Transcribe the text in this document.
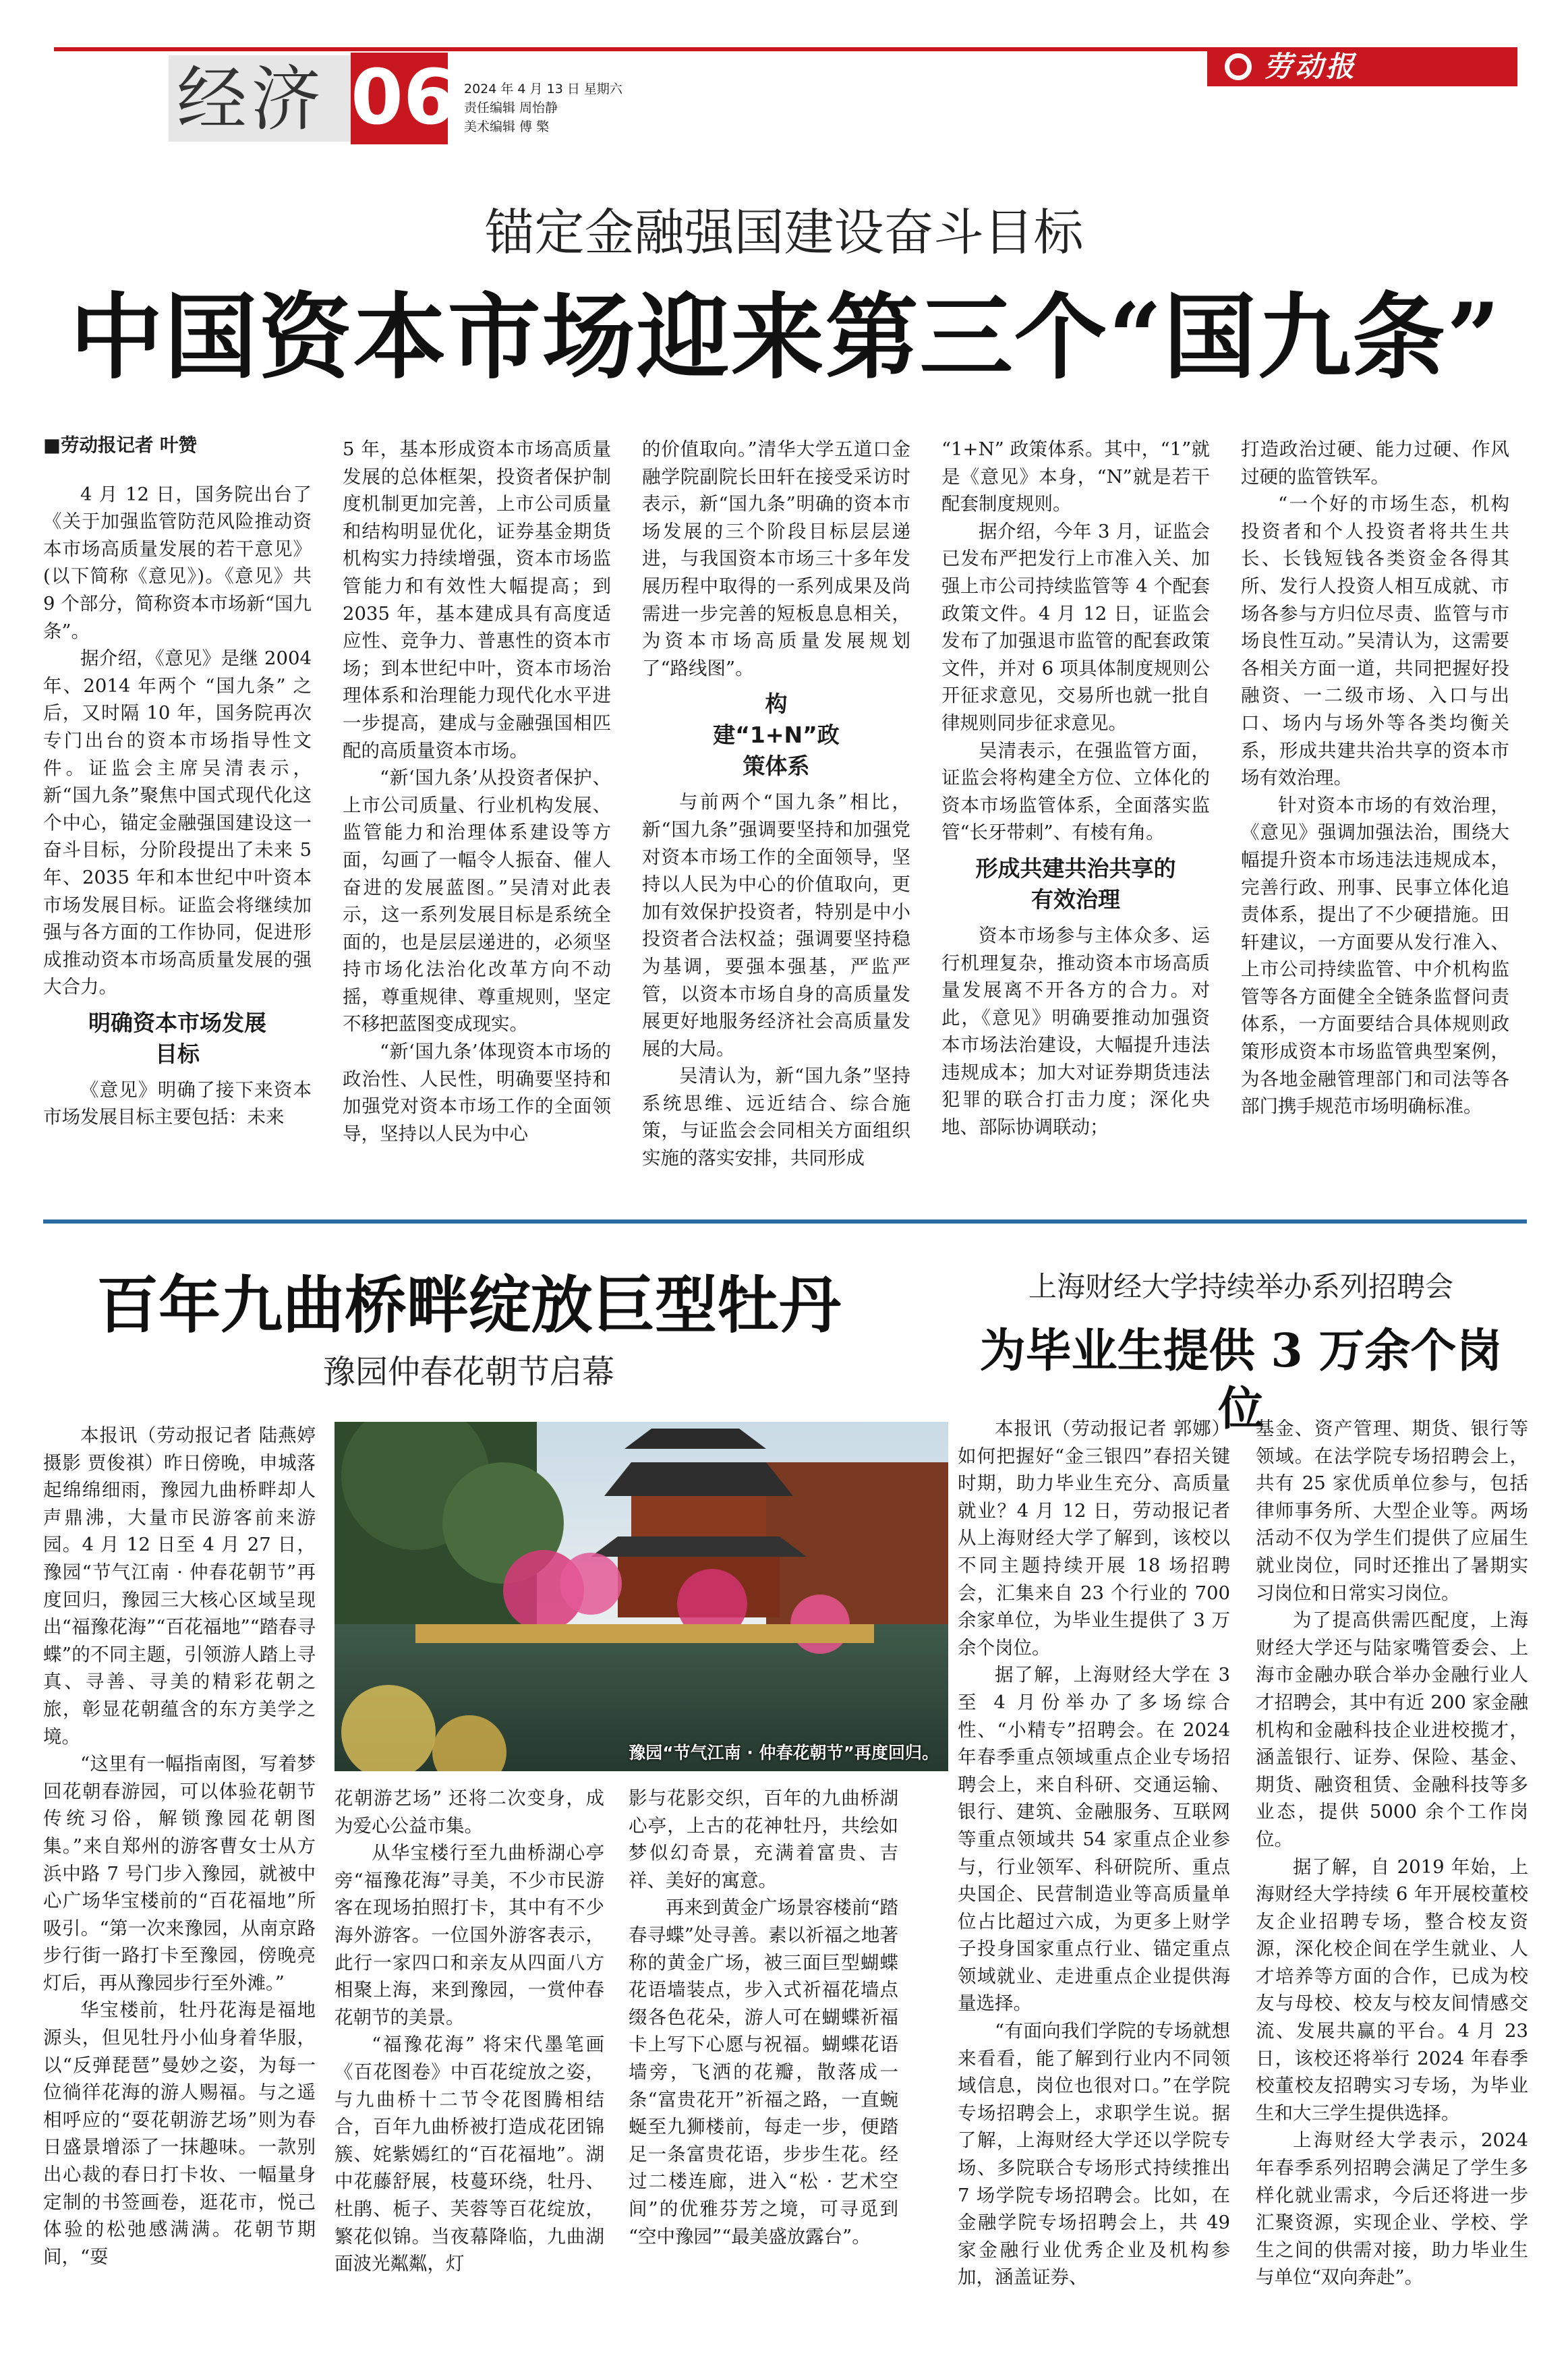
经济 06 2024 年 4 月 13 日 星期六
责任编辑 周怡静
美术编辑 傅 檠
劳动报
锚定金融强国建设奋斗目标
中国资本市场迎来第三个“国九条”

■劳动报记者 叶赞

4 月 12 日，国务院出台了《关于加强监管防范风险推动资本市场高质量发展的若干意见》(以下简称《意见》)。《意见》共 9 个部分，简称资本市场新“国九条”。

据介绍，《意见》是继 2004 年、2014 年两个 “国九条” 之后，又时隔 10 年，国务院再次专门出台的资本市场指导性文件。证监会主席吴清表示，新“国九条”聚焦中国式现代化这个中心，锚定金融强国建设这一奋斗目标，分阶段提出了未来 5 年、2035 年和本世纪中叶资本市场发展目标。证监会将继续加强与各方面的工作协同，促进形成推动资本市场高质量发展的强大合力。

明确资本市场发展目标

《意见》明确了接下来资本市场发展目标主要包括：未来

5 年，基本形成资本市场高质量发展的总体框架，投资者保护制度机制更加完善，上市公司质量和结构明显优化，证券基金期货机构实力持续增强，资本市场监管能力和有效性大幅提高；到 2035 年，基本建成具有高度适应性、竞争力、普惠性的资本市场；到本世纪中叶，资本市场治理体系和治理能力现代化水平进一步提高，建成与金融强国相匹配的高质量资本市场。

“新‘国九条’从投资者保护、上市公司质量、行业机构发展、监管能力和治理体系建设等方面，勾画了一幅令人振奋、催人奋进的发展蓝图。”吴清对此表示，这一系列发展目标是系统全面的，也是层层递进的，必须坚持市场化法治化改革方向不动摇，尊重规律、尊重规则，坚定不移把蓝图变成现实。

“新‘国九条’体现资本市场的政治性、人民性，明确要坚持和加强党对资本市场工作的全面领导，坚持以人民为中心

的价值取向。”清华大学五道口金融学院副院长田轩在接受采访时表示，新“国九条”明确的资本市场发展的三个阶段目标层层递进，与我国资本市场三十多年发展历程中取得的一系列成果及尚需进一步完善的短板息息相关，为资本市场高质量发展规划了“路线图”。

构建“1+N”政策体系

与前两个“国九条”相比，新“国九条”强调要坚持和加强党对资本市场工作的全面领导，坚持以人民为中心的价值取向，更加有效保护投资者，特别是中小投资者合法权益；强调要坚持稳为基调，要强本强基，严监严管，以资本市场自身的高质量发展更好地服务经济社会高质量发展的大局。

吴清认为，新“国九条”坚持系统思维、远近结合、综合施策，与证监会会同相关方面组织实施的落实安排，共同形成

“1+N” 政策体系。其中，“1”就是《意见》本身，“N”就是若干配套制度规则。

据介绍，今年 3 月，证监会已发布严把发行上市准入关、加强上市公司持续监管等 4 个配套政策文件。4 月 12 日，证监会发布了加强退市监管的配套政策文件，并对 6 项具体制度规则公开征求意见，交易所也就一批自律规则同步征求意见。

吴清表示，在强监管方面，证监会将构建全方位、立体化的资本市场监管体系，全面落实监管“长牙带刺”、有棱有角。

形成共建共治共享的有效治理

资本市场参与主体众多、运行机理复杂，推动资本市场高质量发展离不开各方的合力。对此，《意见》明确要推动加强资本市场法治建设，大幅提升违法违规成本；加大对证券期货违法犯罪的联合打击力度；深化央地、部际协调联动；

打造政治过硬、能力过硬、作风过硬的监管铁军。

“一个好的市场生态，机构投资者和个人投资者将共生共长、长钱短钱各类资金各得其所、发行人投资人相互成就、市场各参与方归位尽责、监管与市场良性互动。”吴清认为，这需要各相关方面一道，共同把握好投融资、一二级市场、入口与出口、场内与场外等各类均衡关系，形成共建共治共享的资本市场有效治理。

针对资本市场的有效治理，《意见》强调加强法治，围绕大幅提升资本市场违法违规成本，完善行政、刑事、民事立体化追责体系，提出了不少硬措施。田轩建议，一方面要从发行准入、上市公司持续监管、中介机构监管等各方面健全全链条监督问责体系，一方面要结合具体规则政策形成资本市场监管典型案例，为各地金融管理部门和司法等各部门携手规范市场明确标准。

百年九曲桥畔绽放巨型牡丹
豫园仲春花朝节启幕
豫园“节气江南 · 仲春花朝节”再度回归。

本报讯（劳动报记者 陆燕婷 摄影 贾俊祺）昨日傍晚，申城落起绵绵细雨，豫园九曲桥畔却人声鼎沸，大量市民游客前来游园。4 月 12 日至 4 月 27 日，豫园“节气江南 · 仲春花朝节”再度回归，豫园三大核心区域呈现出“福豫花海”“百花福地”“踏春寻蝶”的不同主题，引领游人踏上寻真、寻善、寻美的精彩花朝之旅，彰显花朝蕴含的东方美学之境。

“这里有一幅指南图，写着梦回花朝春游园，可以体验花朝节传统习俗，解锁豫园花朝图集。”来自郑州的游客曹女士从方浜中路 7 号门步入豫园，就被中心广场华宝楼前的“百花福地”所吸引。“第一次来豫园，从南京路步行街一路打卡至豫园，傍晚亮灯后，再从豫园步行至外滩。”

华宝楼前，牡丹花海是福地源头，但见牡丹小仙身着华服，以“反弹琵琶”曼妙之姿，为每一位徜徉花海的游人赐福。与之遥相呼应的“耍花朝游艺场”则为春日盛景增添了一抹趣味。一款别出心裁的春日打卡妆、一幅量身定制的书签画卷，逛花市，悦己体验的松弛感满满。花朝节期间，“耍

花朝游艺场” 还将二次变身，成为爱心公益市集。

从华宝楼行至九曲桥湖心亭旁“福豫花海”寻美，不少市民游客在现场拍照打卡，其中有不少海外游客。一位国外游客表示，此行一家四口和亲友从四面八方相聚上海，来到豫园，一赏仲春花朝节的美景。

“福豫花海” 将宋代墨笔画《百花图卷》中百花绽放之姿，与九曲桥十二节令花图腾相结合，百年九曲桥被打造成花团锦簇、姹紫嫣红的“百花福地”。湖中花藤舒展，枝蔓环绕，牡丹、杜鹃、栀子、芙蓉等百花绽放，繁花似锦。当夜幕降临，九曲湖面波光粼粼，灯

影与花影交织，百年的九曲桥湖心亭，上古的花神牡丹，共绘如梦似幻奇景，充满着富贵、吉祥、美好的寓意。

再来到黄金广场景容楼前“踏春寻蝶”处寻善。素以祈福之地著称的黄金广场，被三面巨型蝴蝶花语墙装点，步入式祈福花墙点缀各色花朵，游人可在蝴蝶祈福卡上写下心愿与祝福。蝴蝶花语墙旁，飞洒的花瓣，散落成一条“富贵花开”祈福之路，一直蜿蜒至九狮楼前，每走一步，便踏足一条富贵花语，步步生花。经过二楼连廊，进入“松 · 艺术空间”的优雅芬芳之境，可寻觅到 “空中豫园”“最美盛放露台”。

上海财经大学持续举办系列招聘会
为毕业生提供 3 万余个岗位

本报讯（劳动报记者 郭娜）如何把握好“金三银四”春招关键时期，助力毕业生充分、高质量就业？4 月 12 日，劳动报记者从上海财经大学了解到，该校以不同主题持续开展 18 场招聘会，汇集来自 23 个行业的 700 余家单位，为毕业生提供了 3 万余个岗位。

据了解，上海财经大学在 3 至 4 月份举办了多场综合性、“小精专”招聘会。在 2024 年春季重点领域重点企业专场招聘会上，来自科研、交通运输、银行、建筑、金融服务、互联网等重点领域共 54 家重点企业参与，行业领军、科研院所、重点央国企、民营制造业等高质量单位占比超过六成，为更多上财学子投身国家重点行业、锚定重点领域就业、走进重点企业提供海量选择。

“有面向我们学院的专场就想来看看，能了解到行业内不同领域信息，岗位也很对口。”在学院专场招聘会上，求职学生说。据了解，上海财经大学还以学院专场、多院联合专场形式持续推出 7 场学院专场招聘会。比如，在金融学院专场招聘会上，共 49 家金融行业优秀企业及机构参加，涵盖证券、

基金、资产管理、期货、银行等领域。在法学院专场招聘会上，共有 25 家优质单位参与，包括律师事务所、大型企业等。两场活动不仅为学生们提供了应届生就业岗位，同时还推出了暑期实习岗位和日常实习岗位。

为了提高供需匹配度，上海财经大学还与陆家嘴管委会、上海市金融办联合举办金融行业人才招聘会，其中有近 200 家金融机构和金融科技企业进校揽才，涵盖银行、证券、保险、基金、期货、融资租赁、金融科技等多业态，提供 5000 余个工作岗位。

据了解，自 2019 年始，上海财经大学持续 6 年开展校董校友企业招聘专场，整合校友资源，深化校企间在学生就业、人才培养等方面的合作，已成为校友与母校、校友与校友间情感交流、发展共赢的平台。4 月 23 日，该校还将举行 2024 年春季校董校友招聘实习专场，为毕业生和大三学生提供选择。

上海财经大学表示，2024 年春季系列招聘会满足了学生多样化就业需求，今后还将进一步汇聚资源，实现企业、学校、学生之间的供需对接，助力毕业生与单位“双向奔赴”。
